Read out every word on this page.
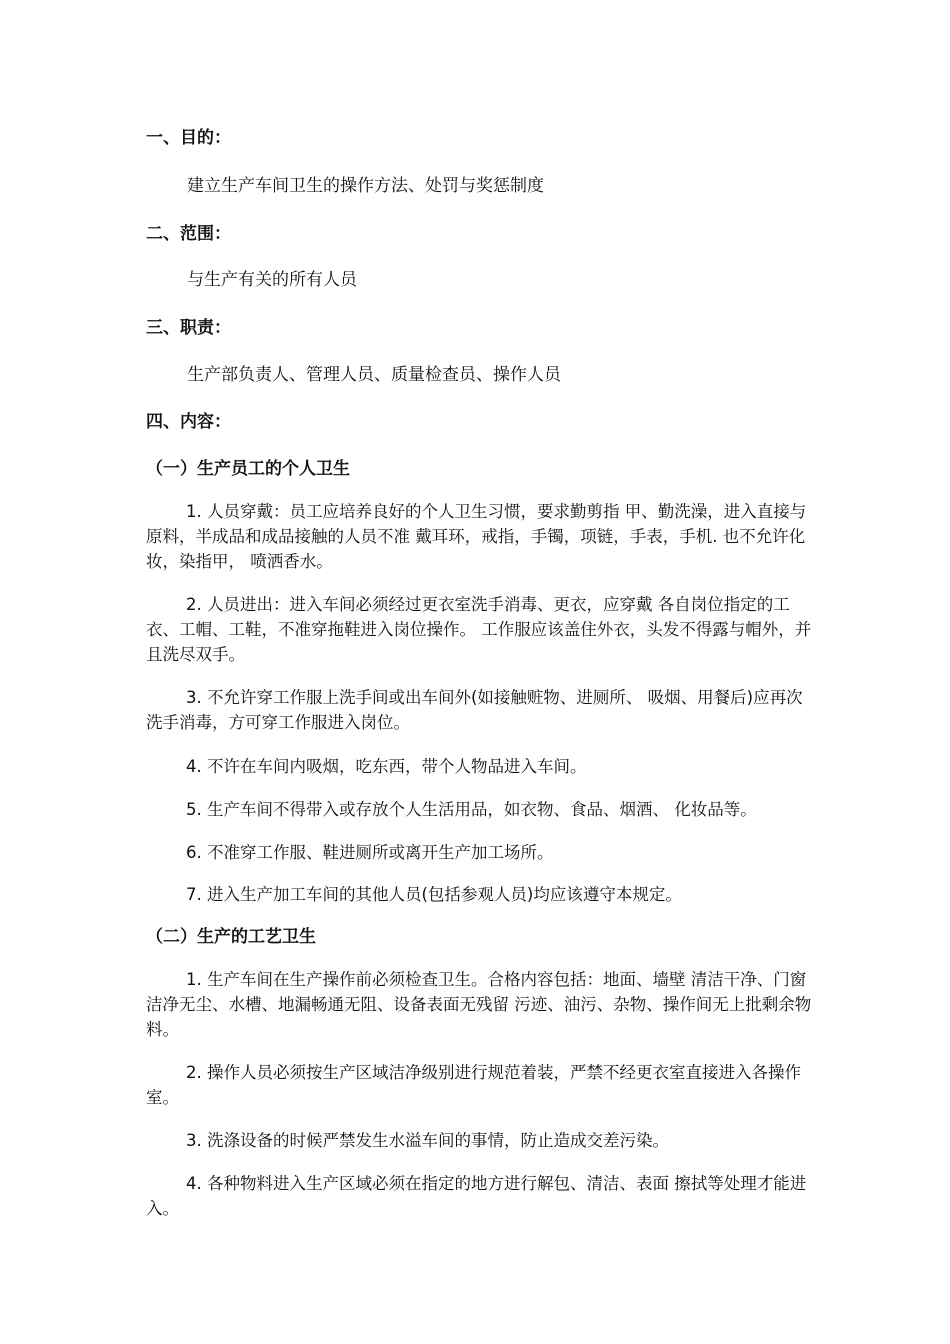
一、目的：
建立生产车间卫生的操作方法、处罚与奖惩制度
二、范围：
与生产有关的所有人员
三、职责：
生产部负责人、管理人员、质量检查员、操作人员
四、内容：
（一）生产员工的个人卫生

1. 人员穿戴：员工应培养良好的个人卫生习惯，要求勤剪指 甲、勤洗澡，进入直接与原料，半成品和成品接触的人员不准 戴耳环，戒指，手镯，项链，手表，手机. 也不允许化妆，染指甲， 喷洒香水。

2. 人员进出：进入车间必须经过更衣室洗手消毒、更衣，应穿戴 各自岗位指定的工衣、工帽、工鞋，不准穿拖鞋进入岗位操作。 工作服应该盖住外衣，头发不得露与帽外，并且洗尽双手。

3. 不允许穿工作服上洗手间或出车间外(如接触赃物、进厕所、 吸烟、用餐后)应再次洗手消毒，方可穿工作服进入岗位。

4. 不许在车间内吸烟，吃东西，带个人物品进入车间。

5. 生产车间不得带入或存放个人生活用品，如衣物、食品、烟酒、 化妆品等。

6. 不准穿工作服、鞋进厕所或离开生产加工场所。

7. 进入生产加工车间的其他人员(包括参观人员)均应该遵守本规定。

（二）生产的工艺卫生

1. 生产车间在生产操作前必须检查卫生。合格内容包括：地面、墙壁 清洁干净、门窗洁净无尘、水槽、地漏畅通无阻、设备表面无残留 污迹、油污、杂物、操作间无上批剩余物料。

2. 操作人员必须按生产区域洁净级别进行规范着装，严禁不经更衣室直接进入各操作室。

3. 洗涤设备的时候严禁发生水溢车间的事情，防止造成交差污染。

4. 各种物料进入生产区域必须在指定的地方进行解包、清洁、表面 擦拭等处理才能进入。
